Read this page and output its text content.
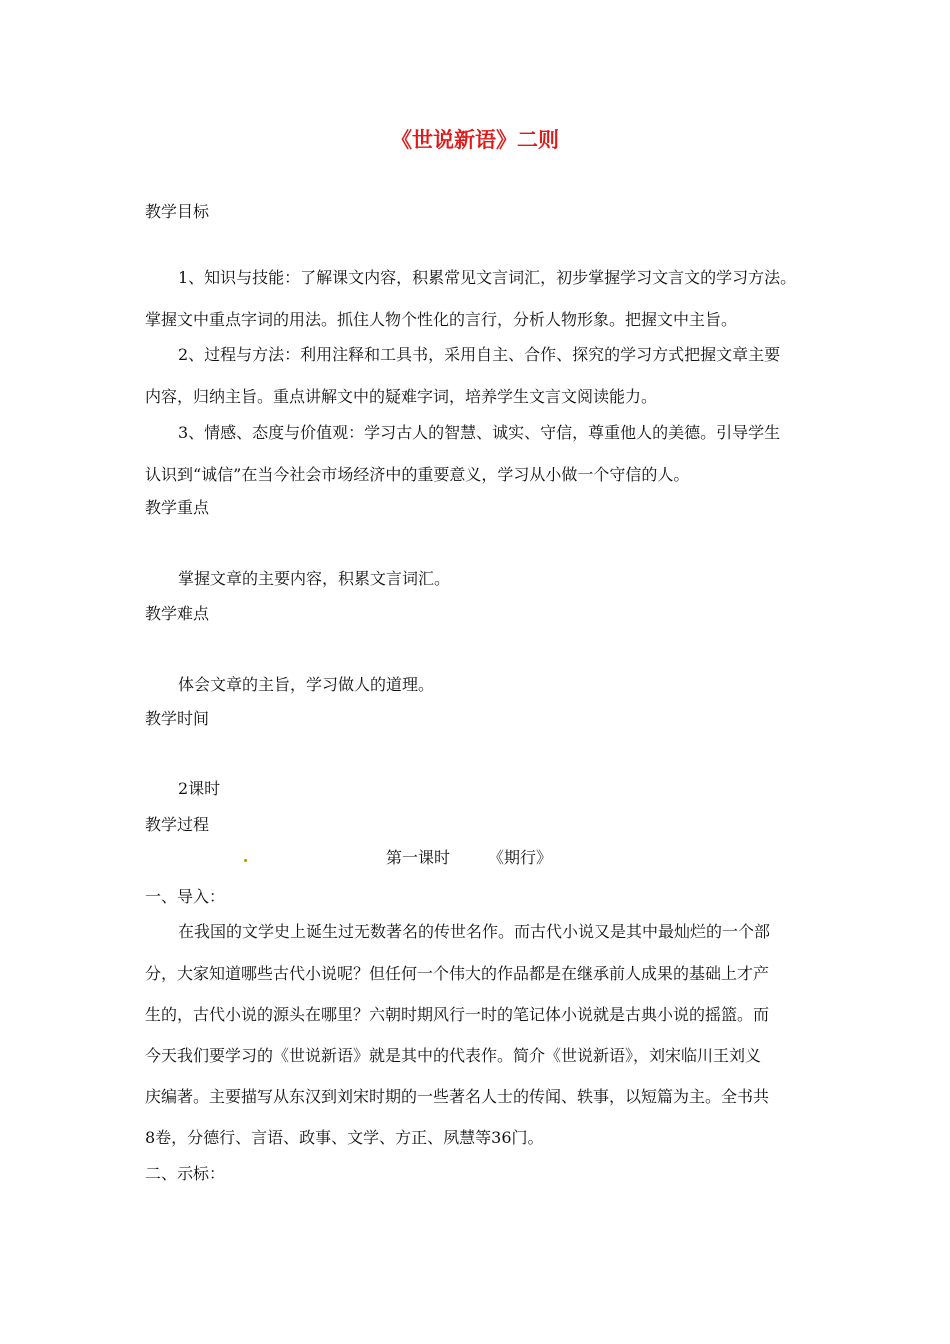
《世说新语》二则

教学目标

1、知识与技能：了解课文内容，积累常见文言词汇，初步掌握学习文言文的学习方法。

掌握文中重点字词的用法。抓住人物个性化的言行，分析人物形象。把握文中主旨。

2、过程与方法：利用注释和工具书，采用自主、合作、探究的学习方式把握文章主要

内容，归纳主旨。重点讲解文中的疑难字词，培养学生文言文阅读能力。

3、情感、态度与价值观：学习古人的智慧、诚实、守信，尊重他人的美德。引导学生

认识到“诚信”在当今社会市场经济中的重要意义，学习从小做一个守信的人。

教学重点

掌握文章的主要内容，积累文言词汇。

教学难点

体会文章的主旨，学习做人的道理。

教学时间

2课时

教学过程

第一课时 《期行》

一、导入：

在我国的文学史上诞生过无数著名的传世名作。而古代小说又是其中最灿烂的一个部

分，大家知道哪些古代小说呢？但任何一个伟大的作品都是在继承前人成果的基础上才产

生的，古代小说的源头在哪里？六朝时期风行一时的笔记体小说就是古典小说的摇篮。而

今天我们要学习的《世说新语》就是其中的代表作。简介《世说新语》，刘宋临川王刘义

庆编著。主要描写从东汉到刘宋时期的一些著名人士的传闻、轶事，以短篇为主。全书共

8卷，分德行、言语、政事、文学、方正、夙慧等36门。

二、示标：
